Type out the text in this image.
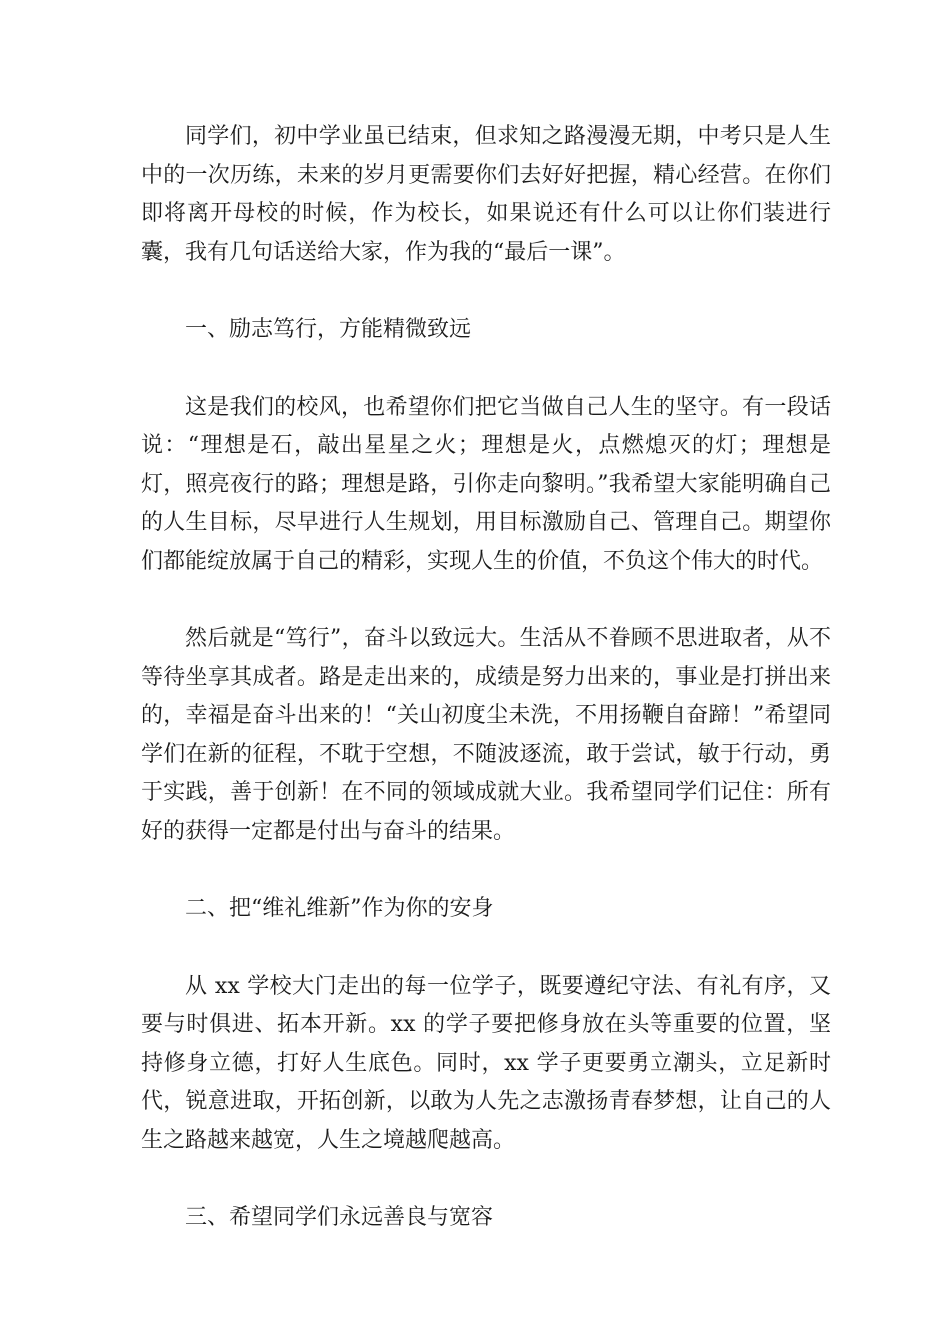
同学们，初中学业虽已结束，但求知之路漫漫无期，中考只是人生中的一次历练，未来的岁月更需要你们去好好把握，精心经营。在你们即将离开母校的时候，作为校长，如果说还有什么可以让你们装进行囊，我有几句话送给大家，作为我的“最后一课”。

一、励志笃行，方能精微致远

这是我们的校风，也希望你们把它当做自己人生的坚守。有一段话说：“理想是石，敲出星星之火；理想是火，点燃熄灭的灯；理想是灯，照亮夜行的路；理想是路，引你走向黎明。”我希望大家能明确自己的人生目标，尽早进行人生规划，用目标激励自己、管理自己。期望你们都能绽放属于自己的精彩，实现人生的价值，不负这个伟大的时代。

然后就是“笃行”，奋斗以致远大。生活从不眷顾不思进取者，从不等待坐享其成者。路是走出来的，成绩是努力出来的，事业是打拼出来的，幸福是奋斗出来的！“关山初度尘未洗，不用扬鞭自奋蹄！”希望同学们在新的征程，不耽于空想，不随波逐流，敢于尝试，敏于行动，勇于实践，善于创新！在不同的领域成就大业。我希望同学们记住：所有好的获得一定都是付出与奋斗的结果。

二、把“维礼维新”作为你的安身

从 xx 学校大门走出的每一位学子，既要遵纪守法、有礼有序，又要与时俱进、拓本开新。xx 的学子要把修身放在头等重要的位置，坚持修身立德，打好人生底色。同时，xx 学子更要勇立潮头，立足新时代，锐意进取，开拓创新，以敢为人先之志激扬青春梦想，让自己的人生之路越来越宽，人生之境越爬越高。

三、希望同学们永远善良与宽容
